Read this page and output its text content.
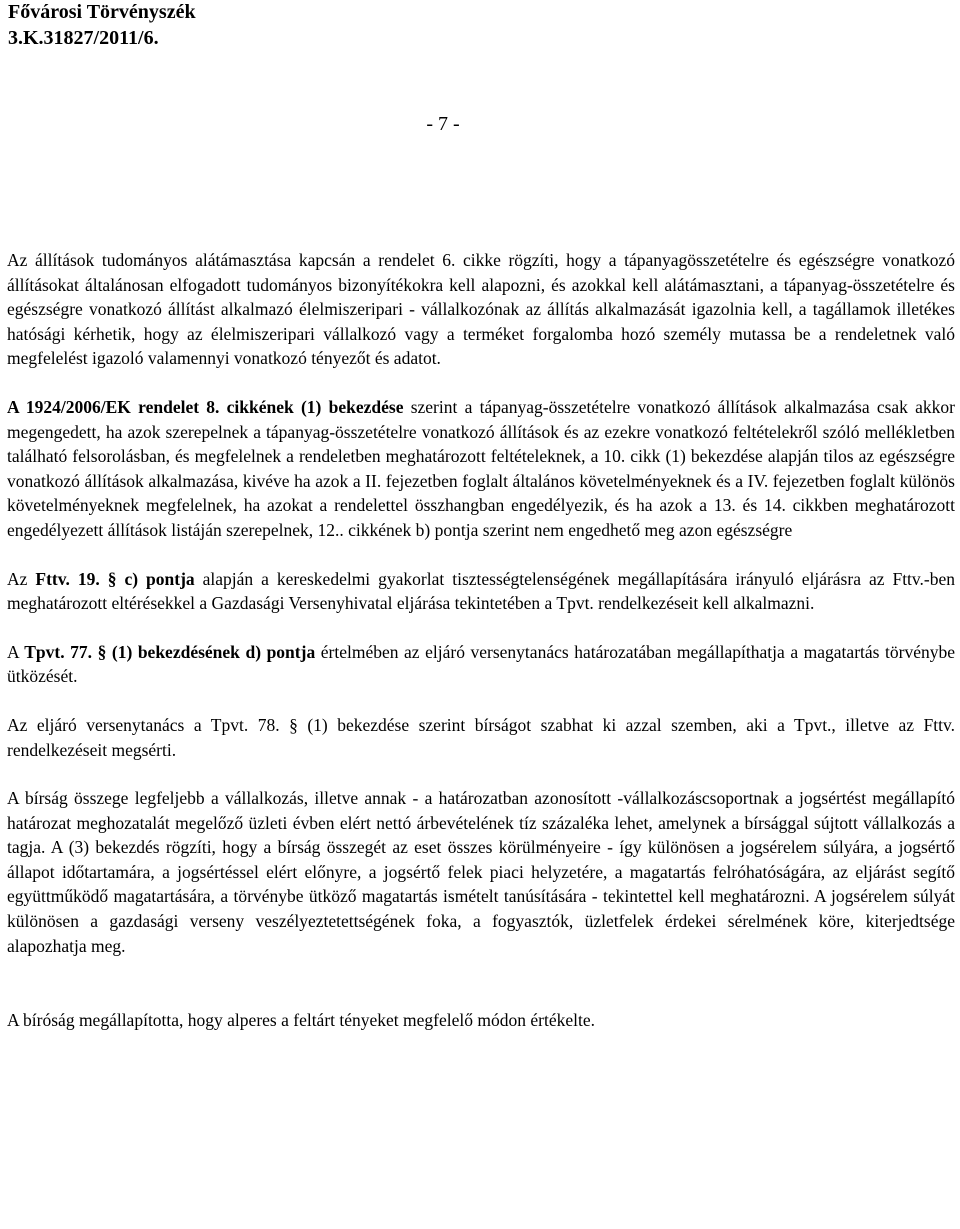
Fővárosi Törvényszék
3.K.31827/2011/6.
- 7 -

Az állítások tudományos alátámasztása kapcsán a rendelet 6. cikke rögzíti, hogy a tápanyagösszetételre és egészségre vonatkozó állításokat általánosan elfogadott tudományos bizonyítékokra kell alapozni, és azokkal kell alátámasztani, a tápanyag-összetételre és egészségre vonatkozó állítást alkalmazó élelmiszeripari - vállalkozónak az állítás alkalmazását igazolnia kell, a tagállamok illetékes hatósági kérhetik, hogy az élelmiszeripari vállalkozó vagy a terméket forgalomba hozó személy mutassa be a rendeletnek való megfelelést igazoló valamennyi vonatkozó tényezőt és adatot.

A 1924/2006/EK rendelet 8. cikkének (1) bekezdése szerint a tápanyag-összetételre vonatkozó állítások alkalmazása csak akkor megengedett, ha azok szerepelnek a tápanyag-összetételre vonatkozó állítások és az ezekre vonatkozó feltételekről szóló mellékletben található felsorolásban, és megfelelnek a rendeletben meghatározott feltételeknek, a 10. cikk (1) bekezdése alapján tilos az egészségre vonatkozó állítások alkalmazása, kivéve ha azok a II. fejezetben foglalt általános követelményeknek és a IV. fejezetben foglalt különös követelményeknek megfelelnek, ha azokat a rendelettel összhangban engedélyezik, és ha azok a 13. és 14. cikkben meghatározott engedélyezett állítások listáján szerepelnek, 12.. cikkének b) pontja szerint nem engedhető meg azon egészségre

Az Fttv. 19. § c) pontja alapján a kereskedelmi gyakorlat tisztességtelenségének megállapítására irányuló eljárásra az Fttv.-ben meghatározott eltérésekkel a Gazdasági Versenyhivatal eljárása tekintetében a Tpvt. rendelkezéseit kell alkalmazni.

A Tpvt. 77. § (1) bekezdésének d) pontja értelmében az eljáró versenytanács határozatában megállapíthatja a magatartás törvénybe ütközését.

Az eljáró versenytanács a Tpvt. 78. § (1) bekezdése szerint bírságot szabhat ki azzal szemben, aki a Tpvt., illetve az Fttv. rendelkezéseit megsérti.

A bírság összege legfeljebb a vállalkozás, illetve annak - a határozatban azonosított -vállalkozáscsoportnak a jogsértést megállapító határozat meghozatalát megelőző üzleti évben elért nettó árbevételének tíz százaléka lehet, amelynek a bírsággal sújtott vállalkozás a tagja. A (3) bekezdés rögzíti, hogy a bírság összegét az eset összes körülményeire - így különösen a jogsérelem súlyára, a jogsértő állapot időtartamára, a jogsértéssel elért előnyre, a jogsértő felek piaci helyzetére, a magatartás felróhatóságára, az eljárást segítő együttműködő magatartására, a törvénybe ütköző magatartás ismételt tanúsítására - tekintettel kell meghatározni. A jogsérelem súlyát különösen a gazdasági verseny veszélyeztetettségének foka, a fogyasztók, üzletfelek érdekei sérelmének köre, kiterjedtsége alapozhatja meg.

A bíróság megállapította, hogy alperes a feltárt tényeket megfelelő módon értékelte.
